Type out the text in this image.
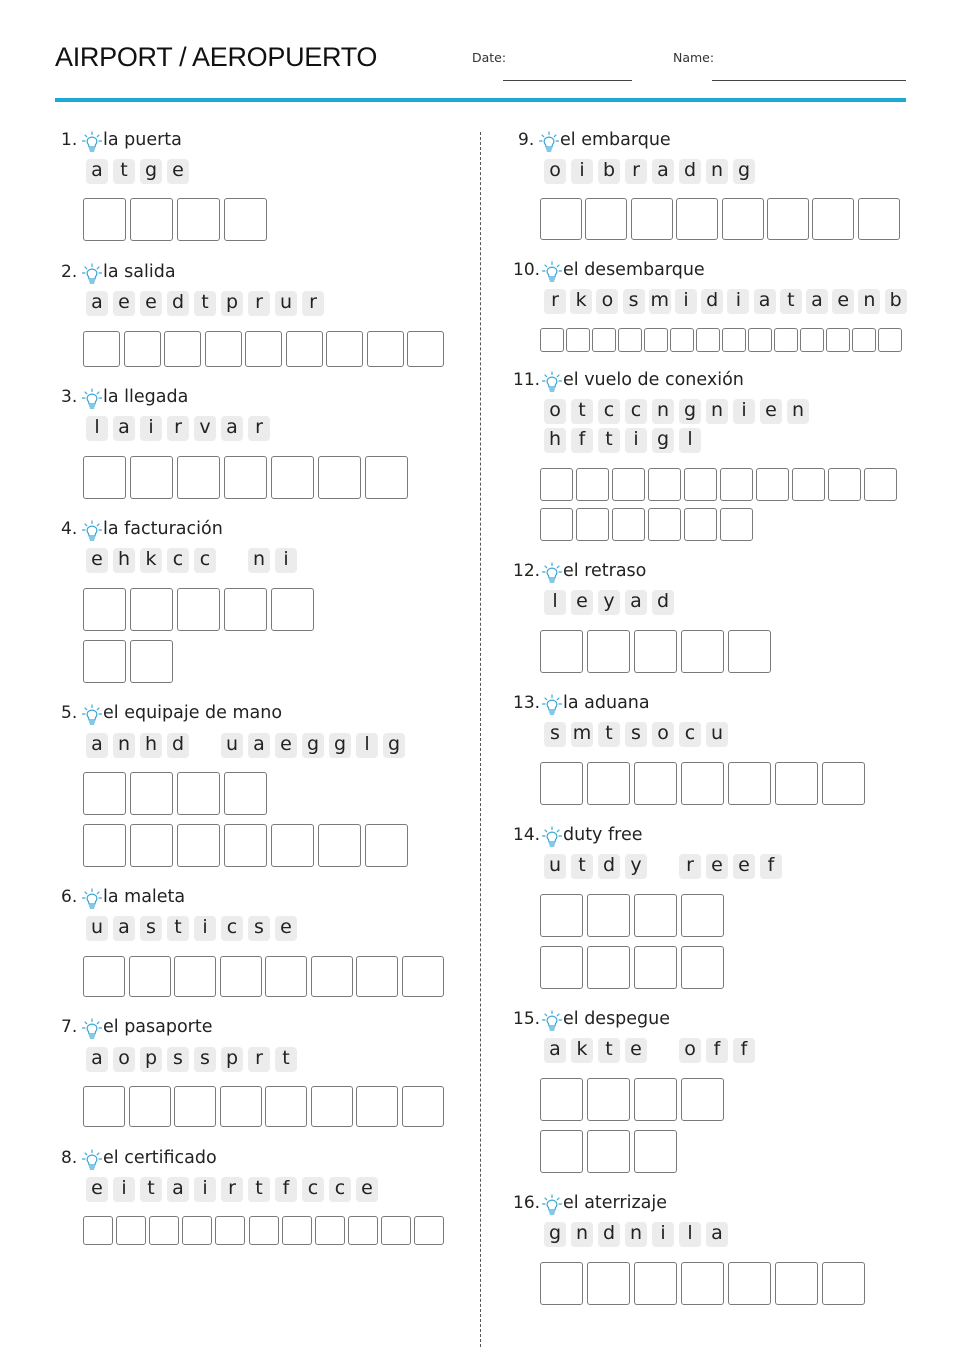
AIRPORT / AEROPUERTO	Date:	Name:
1. la puerta
a t g e
2. la salida
a e e d t p r u r
3. la llegada
l a i	r v a r
4. la facturación
e h k c c	n i
5. el equipaje de mano
a n h d u a e g g l g
6. la maleta
u a s t	i	c s e
7. el pasaporte
a o p s s p r	t
8. el certificado
e i	t a i	r	t	f c c e
9. el embarque
o i b r a d n g
10. el desembarque
r k o s m i d i a t a e n b
11. el vuelo de conexión
o t c c n g n i e n
h f	t	i g l
12. el retraso
l e y a d
13. la aduana
s m t s o c u
14. duty free
u t d y	r e e f
15. el despegue
a k t e o f	f
16. el aterrizaje
g n d n i	l a
